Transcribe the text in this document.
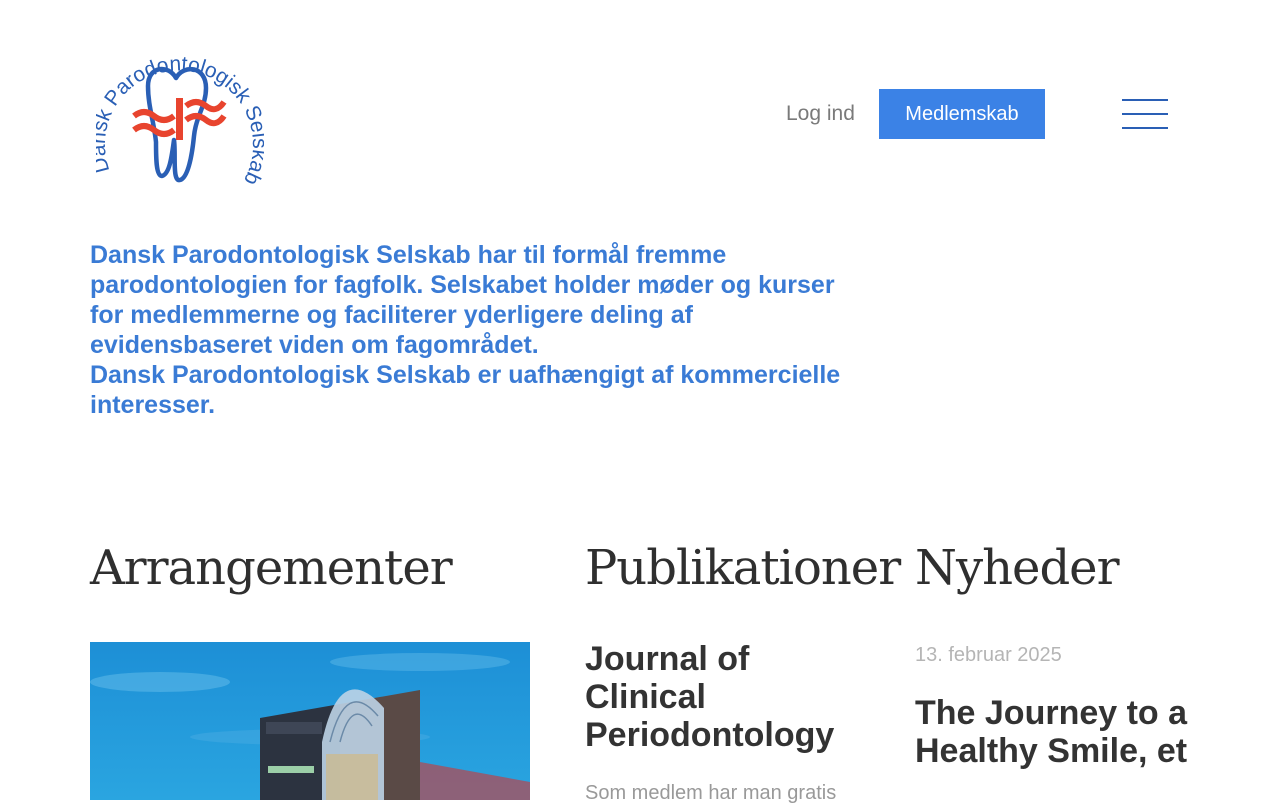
Parodontologisk S b
Log ind	Medlemskab

Dansk Parodontologisk Selskab har til formål fremme parodontologien for fagfolk. Selskabet holder møder og kurser for medlemmerne og faciliterer yderligere deling af evidensbaseret viden om fagområdet.

Dansk Parodontologisk Selskab er uafhængigt af kommercielle interesser.

Arrangementer	Publikationer Nyheder
Journal of Clinical Periodontology

Som medlem har man gratis

13. februar 2025

The Journey to a Healthy Smile, et
